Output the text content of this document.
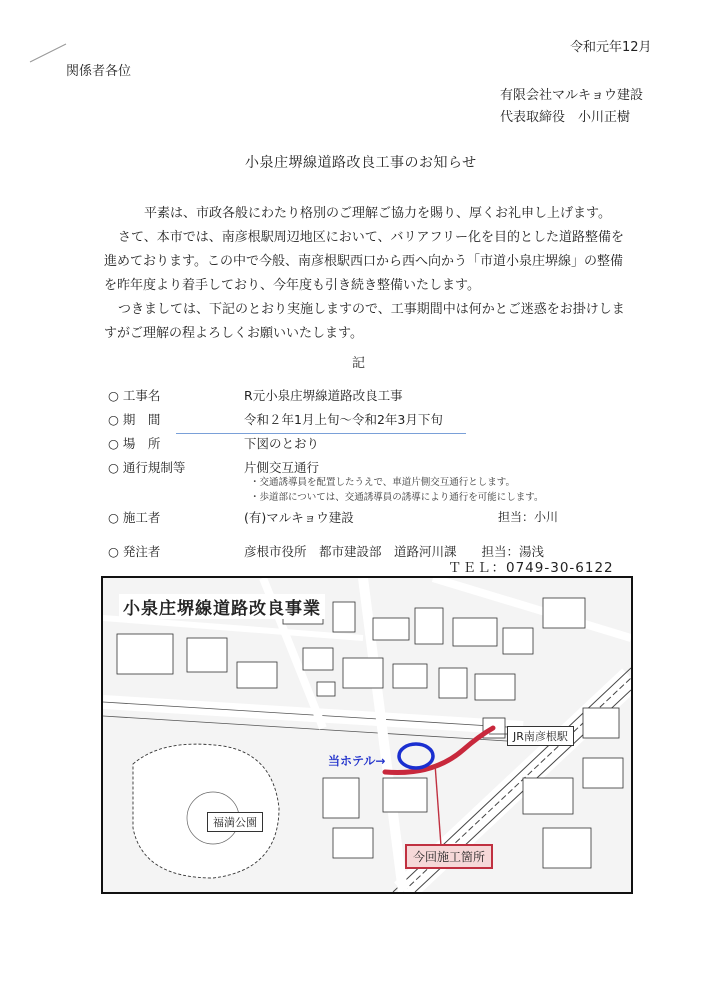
令和元年12月
関係者各位
有限会社マルキョウ建設
代表取締役　小川正樹
小泉庄堺線道路改良工事のお知らせ
平素は、市政各般にわたり格別のご理解ご協力を賜り、厚くお礼申し上げます。
さて、本市では、南彦根駅周辺地区において、バリアフリー化を目的とした道路整備を進めております。この中で今般、南彦根駅西口から西へ向かう「市道小泉庄堺線」の整備を昨年度より着手しており、今年度も引き続き整備いたします。
つきましては、下記のとおり実施しますので、工事期間中は何かとご迷惑をお掛けしますがご理解の程よろしくお願いいたします。
記
○ 工事名	R元小泉庄堺線道路改良工事
○ 期　間	令和２年1月上旬～令和2年3月下旬
○ 場　所	下図のとおり
○ 通行規制等	片側交互通行
・交通誘導員を配置したうえで、車道片側交互通行とします。
・歩道部については、交通誘導員の誘導により通行を可能にします。
○ 施工者	(有)マルキョウ建設	担当：小川
○ 発注者	彦根市役所　都市建設部　道路河川課　　担当：湯浅
ＴＥＬ：0749-30-6122
小泉庄堺線道路改良事業
JR南彦根駅
福満公園
当ホテル→
今回施工箇所
